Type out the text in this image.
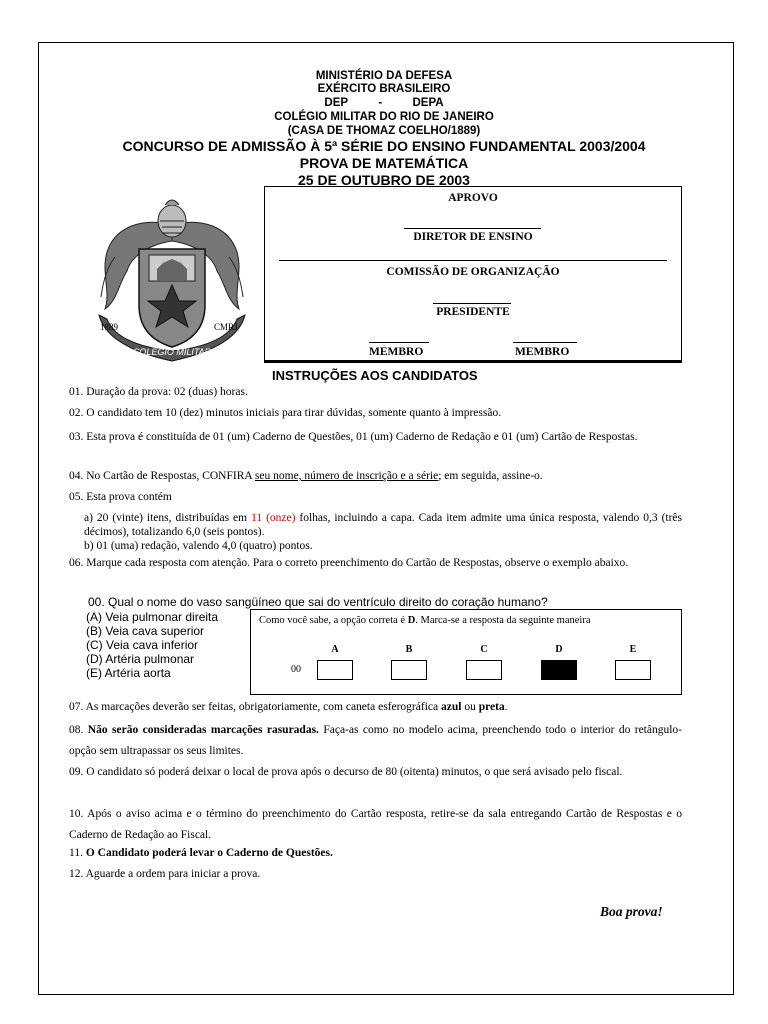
MINISTÉRIO DA DEFESA
EXÉRCITO BRASILEIRO
DEP	-	DEPA
COLÉGIO MILITAR DO RIO DE JANEIRO
(CASA DE THOMAZ COELHO/1889)
CONCURSO DE ADMISSÃO À 5ª SÉRIE DO ENSINO FUNDAMENTAL 2003/2004
PROVA DE MATEMÁTICA
25 DE OUTUBRO DE 2003
1889	CMRJ
COLÉGIO MILITAR
APROVO
DIRETOR DE ENSINO
COMISSÃO DE ORGANIZAÇÃO
PRESIDENTE
MEMBRO	MEMBRO
INSTRUÇÕES AOS CANDIDATOS
01. Duração da prova: 02 (duas) horas.
02. O candidato tem 10 (dez) minutos iniciais para tirar dúvidas, somente quanto à impressão.
03. Esta prova é constituída de 01 (um) Caderno de Questões, 01 (um) Caderno de Redação e 01 (um) Cartão de Respostas.
04. No Cartão de Respostas, CONFIRA seu nome, número de inscrição e a série; em seguida, assine-o.
05. Esta prova contém
a) 20 (vinte) itens, distribuídas em 11 (onze) folhas, incluindo a capa. Cada item admite uma única resposta, valendo 0,3 (três décimos), totalizando 6,0 (seis pontos).
b) 01 (uma) redação, valendo 4,0 (quatro) pontos.
06. Marque cada resposta com atenção. Para o correto preenchimento do Cartão de Respostas, observe o exemplo abaixo.
00. Qual o nome do vaso sangüíneo que sai do ventrículo direito do coração humano?
(A) Veia pulmonar direita
(B) Veia cava superior
(C) Veia cava inferior
(D) Artéria pulmonar
(E) Artéria aorta
Como você sabe, a opção correta é D. Marca-se a resposta da seguinte maneira
00
A	B	C	D	E
07. As marcações deverão ser feitas, obrigatoriamente, com caneta esferográfica azul ou preta.
08. Não serão consideradas marcações rasuradas. Faça-as como no modelo acima, preenchendo todo o interior do retângulo-opção sem ultrapassar os seus limites.
09. O candidato só poderá deixar o local de prova após o decurso de 80 (oitenta) minutos, o que será avisado pelo fiscal.
10. Após o aviso acima e o término do preenchimento do Cartão resposta, retire-se da sala entregando Cartão de Respostas e o Caderno de Redação ao Fiscal.
11. O Candidato poderá levar o Caderno de Questões.
12. Aguarde a ordem para iniciar a prova.
Boa prova!
